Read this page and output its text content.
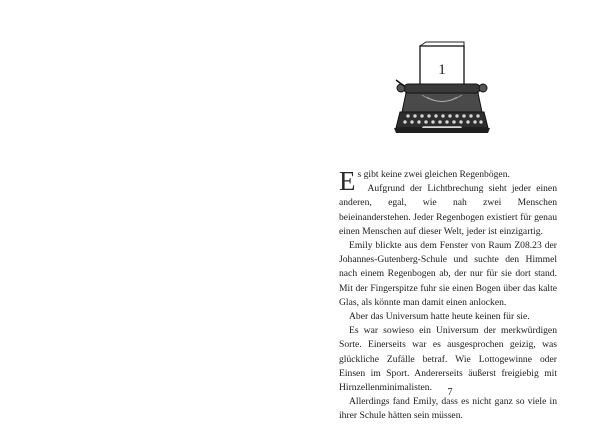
1

Es gibt keine zwei gleichen Regenbögen.

Aufgrund der Lichtbrechung sieht jeder einen anderen, egal, wie nah zwei Menschen beieinanderstehen. Jeder Regenbogen existiert für genau einen Menschen auf dieser Welt, jeder ist einzigartig.

Emily blickte aus dem Fenster von Raum Z08.23 der Johannes-Gutenberg-Schule und suchte den Himmel nach einem Regenbogen ab, der nur für sie dort stand. Mit der Fingerspitze fuhr sie einen Bogen über das kalte Glas, als könnte man damit einen anlocken.

Aber das Universum hatte heute keinen für sie.

Es war sowieso ein Universum der merkwürdigen Sorte. Einerseits war es ausgesprochen geizig, was glückliche Zufälle betraf. Wie Lottogewinne oder Einsen im Sport. Andererseits äußerst freigiebig mit Hirnzellenminimalisten.

Allerdings fand Emily, dass es nicht ganz so viele in ihrer Schule hätten sein müssen.

7
